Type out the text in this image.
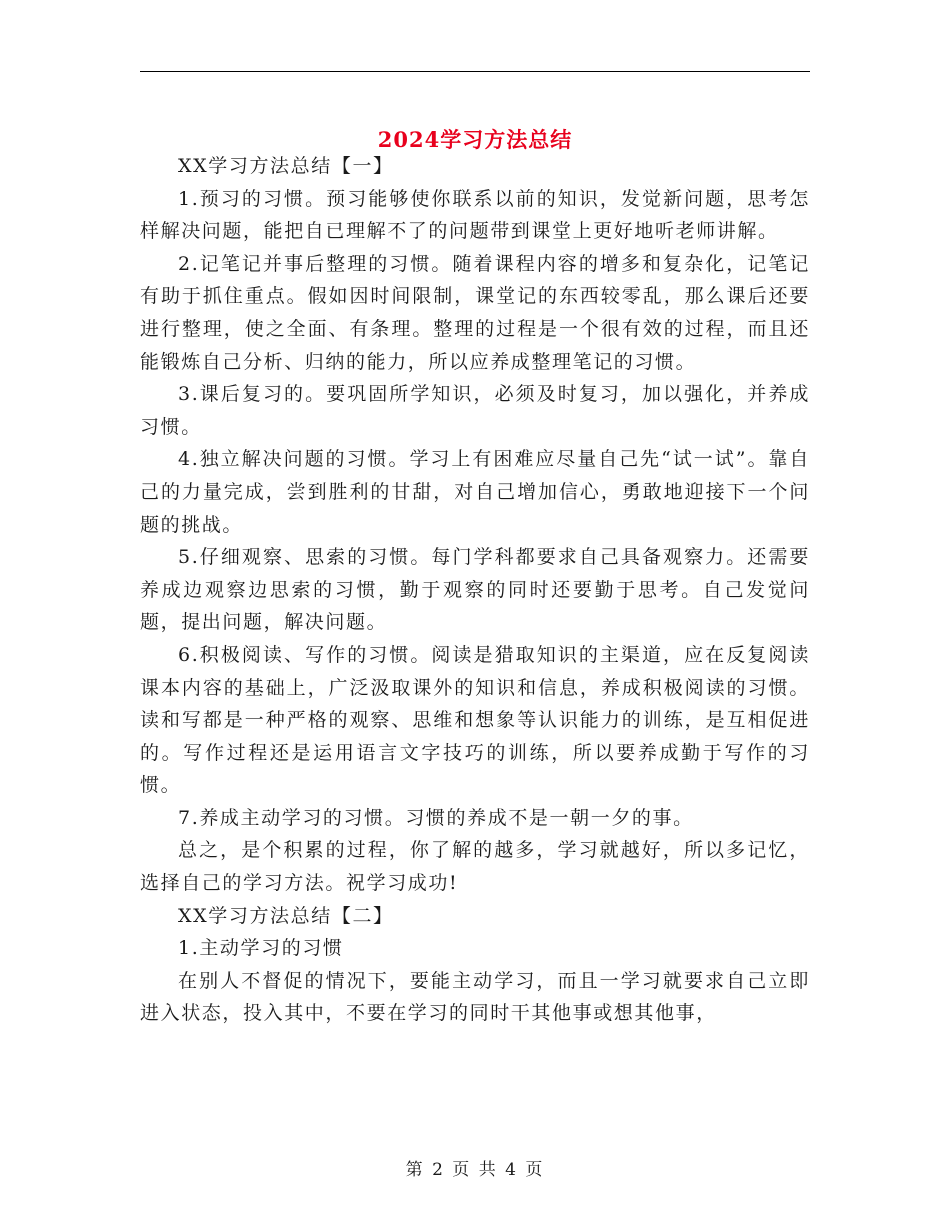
2024学习方法总结

XX学习方法总结【一】

1.预习的习惯。预习能够使你联系以前的知识，发觉新问题，思考怎样解决问题，能把自已理解不了的问题带到课堂上更好地听老师讲解。

2.记笔记并事后整理的习惯。随着课程内容的增多和复杂化，记笔记有助于抓住重点。假如因时间限制，课堂记的东西较零乱，那么课后还要进行整理，使之全面、有条理。整理的过程是一个很有效的过程，而且还能锻炼自己分析、归纳的能力，所以应养成整理笔记的习惯。

3.课后复习的。要巩固所学知识，必须及时复习，加以强化，并养成习惯。

4.独立解决问题的习惯。学习上有困难应尽量自己先“试一试”。靠自己的力量完成，尝到胜利的甘甜，对自己增加信心，勇敢地迎接下一个问题的挑战。

5.仔细观察、思索的习惯。每门学科都要求自己具备观察力。还需要养成边观察边思索的习惯，勤于观察的同时还要勤于思考。自己发觉问题，提出问题，解决问题。

6.积极阅读、写作的习惯。阅读是猎取知识的主渠道，应在反复阅读课本内容的基础上，广泛汲取课外的知识和信息，养成积极阅读的习惯。读和写都是一种严格的观察、思维和想象等认识能力的训练，是互相促进的。写作过程还是运用语言文字技巧的训练，所以要养成勤于写作的习惯。

7.养成主动学习的习惯。习惯的养成不是一朝一夕的事。

总之，是个积累的过程，你了解的越多，学习就越好，所以多记忆，选择自己的学习方法。祝学习成功!

XX学习方法总结【二】

1.主动学习的习惯

在别人不督促的情况下，要能主动学习，而且一学习就要求自己立即进入状态，投入其中，不要在学习的同时干其他事或想其他事，

第 2 页 共 4 页
